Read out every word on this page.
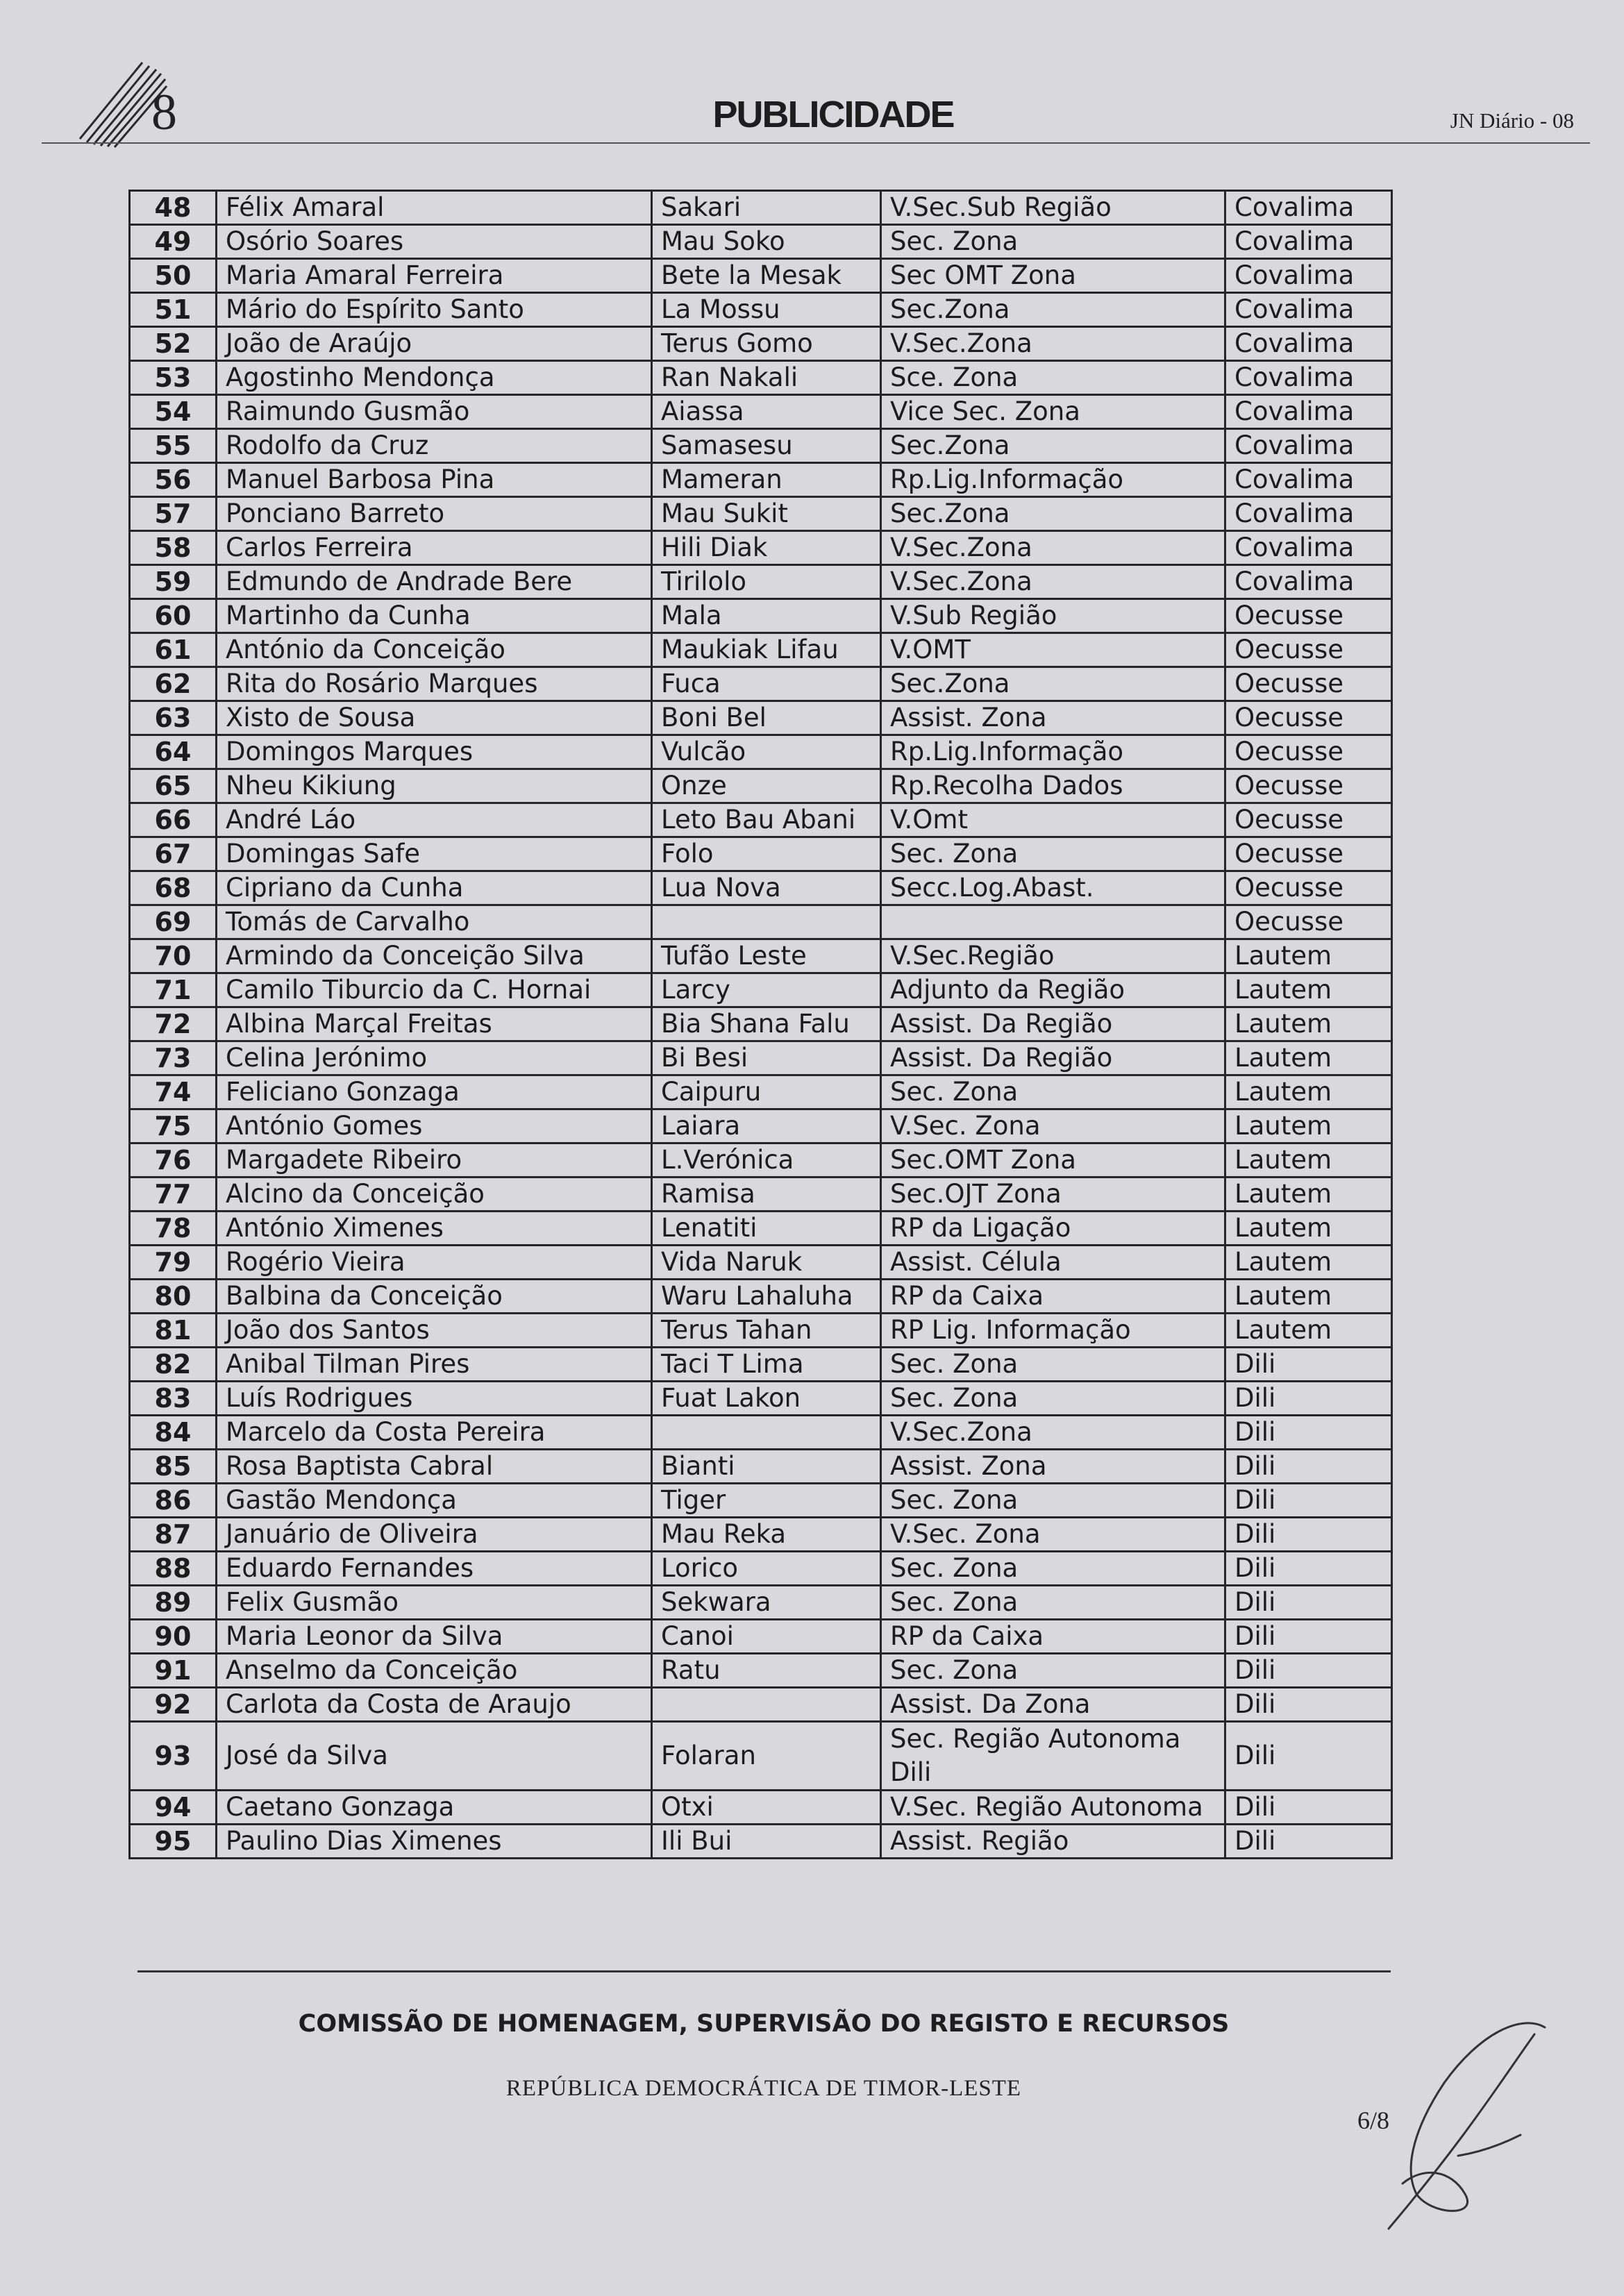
8	PUBLICIDADE	JN Diário - 08
48	Félix Amaral	Sakari	V.Sec.Sub Região	Covalima
49	Osório Soares	Mau Soko	Sec. Zona	Covalima
50	Maria Amaral Ferreira	Bete la Mesak	Sec OMT Zona	Covalima
51	Mário do Espírito Santo	La Mossu	Sec.Zona	Covalima
52	João de Araújo	Terus Gomo	V.Sec.Zona	Covalima
53	Agostinho Mendonça	Ran Nakali	Sce. Zona	Covalima
54	Raimundo Gusmão	Aiassa	Vice Sec. Zona	Covalima
55	Rodolfo da Cruz	Samasesu	Sec.Zona	Covalima
56	Manuel Barbosa Pina	Mameran	Rp.Lig.Informação	Covalima
57	Ponciano Barreto	Mau Sukit	Sec.Zona	Covalima
58	Carlos Ferreira	Hili Diak	V.Sec.Zona	Covalima
59	Edmundo de Andrade Bere	Tirilolo	V.Sec.Zona	Covalima
60	Martinho da Cunha	Mala	V.Sub Região	Oecusse
61	António da Conceição	Maukiak Lifau	V.OMT	Oecusse
62	Rita do Rosário Marques	Fuca	Sec.Zona	Oecusse
63	Xisto de Sousa	Boni Bel	Assist. Zona	Oecusse
64	Domingos Marques	Vulcão	Rp.Lig.Informação	Oecusse
65	Nheu Kikiung	Onze	Rp.Recolha Dados	Oecusse
66	André Láo	Leto Bau Abani	V.Omt	Oecusse
67	Domingas Safe	Folo	Sec. Zona	Oecusse
68	Cipriano da Cunha	Lua Nova	Secc.Log.Abast.	Oecusse
69	Tomás de Carvalho			Oecusse
70	Armindo da Conceição Silva	Tufão Leste	V.Sec.Região	Lautem
71	Camilo Tiburcio da C. Hornai	Larcy	Adjunto da Região	Lautem
72	Albina Marçal Freitas	Bia Shana Falu	Assist. Da Região	Lautem
73	Celina Jerónimo	Bi Besi	Assist. Da Região	Lautem
74	Feliciano Gonzaga	Caipuru	Sec. Zona	Lautem
75	António Gomes	Laiara	V.Sec. Zona	Lautem
76	Margadete Ribeiro	L.Verónica	Sec.OMT Zona	Lautem
77	Alcino da Conceição	Ramisa	Sec.OJT Zona	Lautem
78	António Ximenes	Lenatiti	RP da Ligação	Lautem
79	Rogério Vieira	Vida Naruk	Assist. Célula	Lautem
80	Balbina da Conceição	Waru Lahaluha	RP da Caixa	Lautem
81	João dos Santos	Terus Tahan	RP Lig. Informação	Lautem
82	Anibal Tilman Pires	Taci T Lima	Sec. Zona	Dili
83	Luís Rodrigues	Fuat Lakon	Sec. Zona	Dili
84	Marcelo da Costa Pereira		V.Sec.Zona	Dili
85	Rosa Baptista Cabral	Bianti	Assist. Zona	Dili
86	Gastão Mendonça	Tiger	Sec. Zona	Dili
87	Januário de Oliveira	Mau Reka	V.Sec. Zona	Dili
88	Eduardo Fernandes	Lorico	Sec. Zona	Dili
89	Felix Gusmão	Sekwara	Sec. Zona	Dili
90	Maria Leonor da Silva	Canoi	RP da Caixa	Dili
91	Anselmo da Conceição	Ratu	Sec. Zona	Dili
92	Carlota da Costa de Araujo		Assist. Da Zona	Dili
93	José da Silva	Folaran	Sec. Região Autonoma Dili	Dili
94	Caetano Gonzaga	Otxi	V.Sec. Região Autonoma	Dili
95	Paulino Dias Ximenes	Ili Bui	Assist. Região	Dili
COMISSÃO DE HOMENAGEM, SUPERVISÃO DO REGISTO E RECURSOS
REPÚBLICA DEMOCRÁTICA DE TIMOR-LESTE
6/8
